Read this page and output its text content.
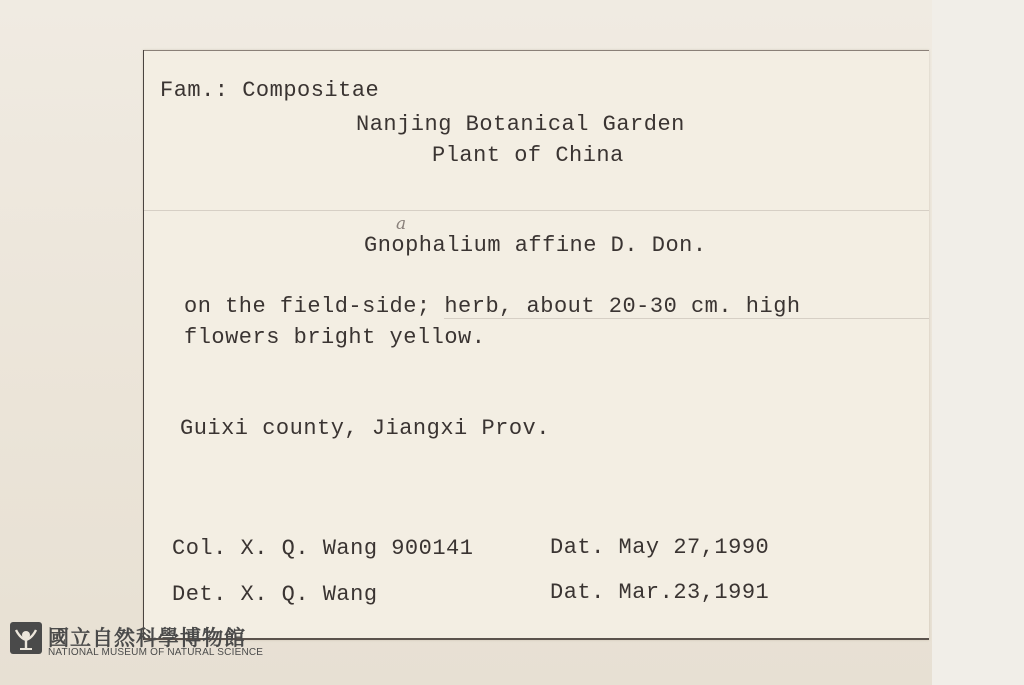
Fam.: Compositae
Nanjing Botanical Garden
Plant of China
a
Gnophalium affine D. Don.
on the field-side; herb, about 20-30 cm. high
flowers bright yellow.
Guixi county, Jiangxi Prov.
Col. X. Q. Wang 900141	Dat. May 27,1990
Det. X. Q. Wang	Dat. Mar.23,1991
國立自然科學博物館
NATIONAL MUSEUM OF NATURAL SCIENCE
